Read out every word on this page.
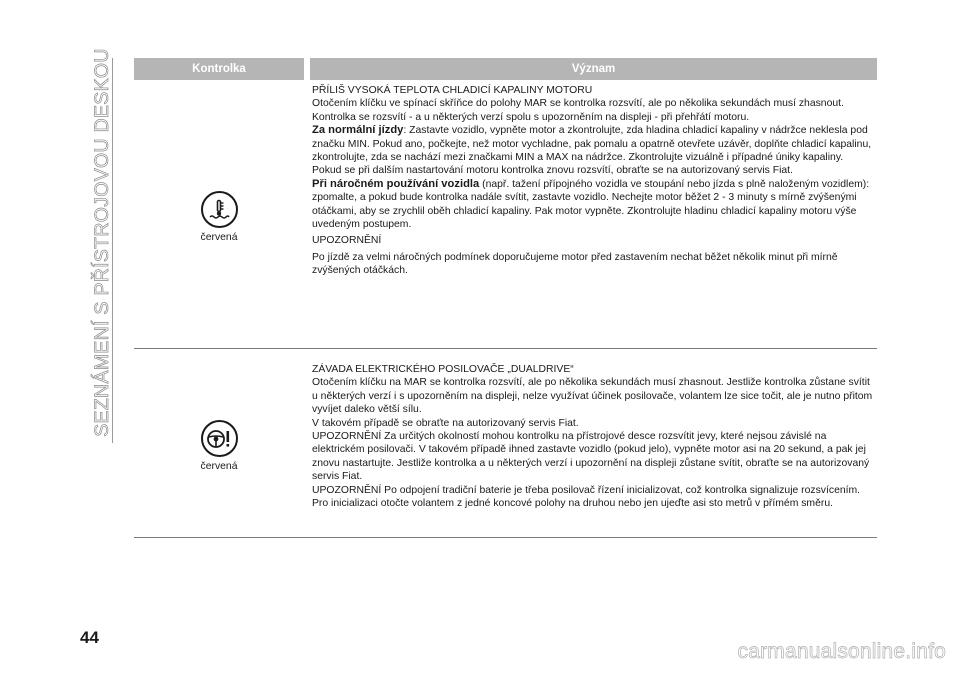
SEZNÁMENÍ S PŘÍSTROJOVOU DESKOU	Kontrolka	Význam
červená

PŘÍLIŠ VYSOKÁ TEPLOTA CHLADICÍ KAPALINY MOTORU

Otočením klíčku ve spínací skříňce do polohy MAR se kontrolka rozsvítí, ale po několika sekundách musí zhasnout.

Kontrolka se rozsvítí - a u některých verzí spolu s upozorněním na displeji - při přehřátí motoru.

Za normální jízdy: Zastavte vozidlo, vypněte motor a zkontrolujte, zda hladina chladicí kapaliny v nádržce neklesla pod značku MIN. Pokud ano, počkejte, než motor vychladne, pak pomalu a opatrně otevřete uzávěr, doplňte chladicí kapalinu, zkontrolujte, zda se nachází mezi značkami MIN a MAX na nádržce. Zkontrolujte vizuálně i případné úniky kapaliny. Pokud se při dalším nastartování motoru kontrolka znovu rozsvítí, obraťte se na autorizovaný servis Fiat.

Při náročném používání vozidla (např. tažení přípojného vozidla ve stoupání nebo jízda s plně naloženým vozidlem): zpomalte, a pokud bude kontrolka nadále svítit, zastavte vozidlo. Nechejte motor běžet 2 - 3 minuty s mírně zvýšenými otáčkami, aby se zrychlil oběh chladicí kapaliny. Pak motor vypněte. Zkontrolujte hladinu chladicí kapaliny motoru výše uvedeným postupem.

UPOZORNĚNÍ

Po jízdě za velmi náročných podmínek doporučujeme motor před zastavením nechat běžet několik minut při mírně zvýšených otáčkách.

červená

ZÁVADA ELEKTRICKÉHO POSILOVAČE „DUALDRIVE“

Otočením klíčku na MAR se kontrolka rozsvítí, ale po několika sekundách musí zhasnout. Jestliže kontrolka zůstane svítit u některých verzí i s upozorněním na displeji, nelze využívat účinek posilovače, volantem lze sice točit, ale je nutno přitom vyvíjet daleko větší sílu.

V takovém případě se obraťte na autorizovaný servis Fiat.

UPOZORNĚNÍ Za určitých okolností mohou kontrolku na přístrojové desce rozsvítit jevy, které nejsou závislé na elektrickém posilovači. V takovém případě ihned zastavte vozidlo (pokud jelo), vypněte motor asi na 20 sekund, a pak jej znovu nastartujte. Jestliže kontrolka a u některých verzí i upozornění na displeji zůstane svítit, obraťte se na autorizovaný servis Fiat.

UPOZORNĚNÍ Po odpojení tradiční baterie je třeba posilovač řízení inicializovat, což kontrolka signalizuje rozsvícením. Pro inicializaci otočte volantem z jedné koncové polohy na druhou nebo jen ujeďte asi sto metrů v přímém směru.

44
carmanualsonline.info
